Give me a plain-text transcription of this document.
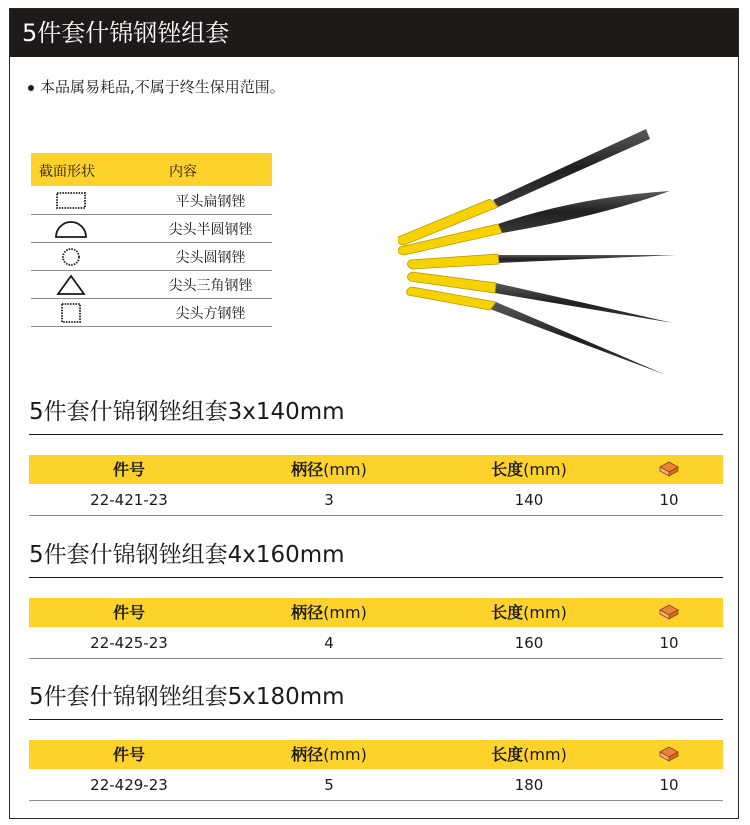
5件套什锦钢锉组套
本品属易耗品,不属于终生保用范围。
截面形状	内容
平头扁钢锉
尖头半圆钢锉
尖头圆钢锉
尖头三角钢锉
尖头方钢锉
5件套什锦钢锉组套3x140mm
件号	柄径(mm)	长度(mm)
22-421-23	3	140	10
5件套什锦钢锉组套4x160mm
件号	柄径(mm)	长度(mm)
22-425-23	4	160	10
5件套什锦钢锉组套5x180mm
件号	柄径(mm)	长度(mm)
22-429-23	5	180	10
